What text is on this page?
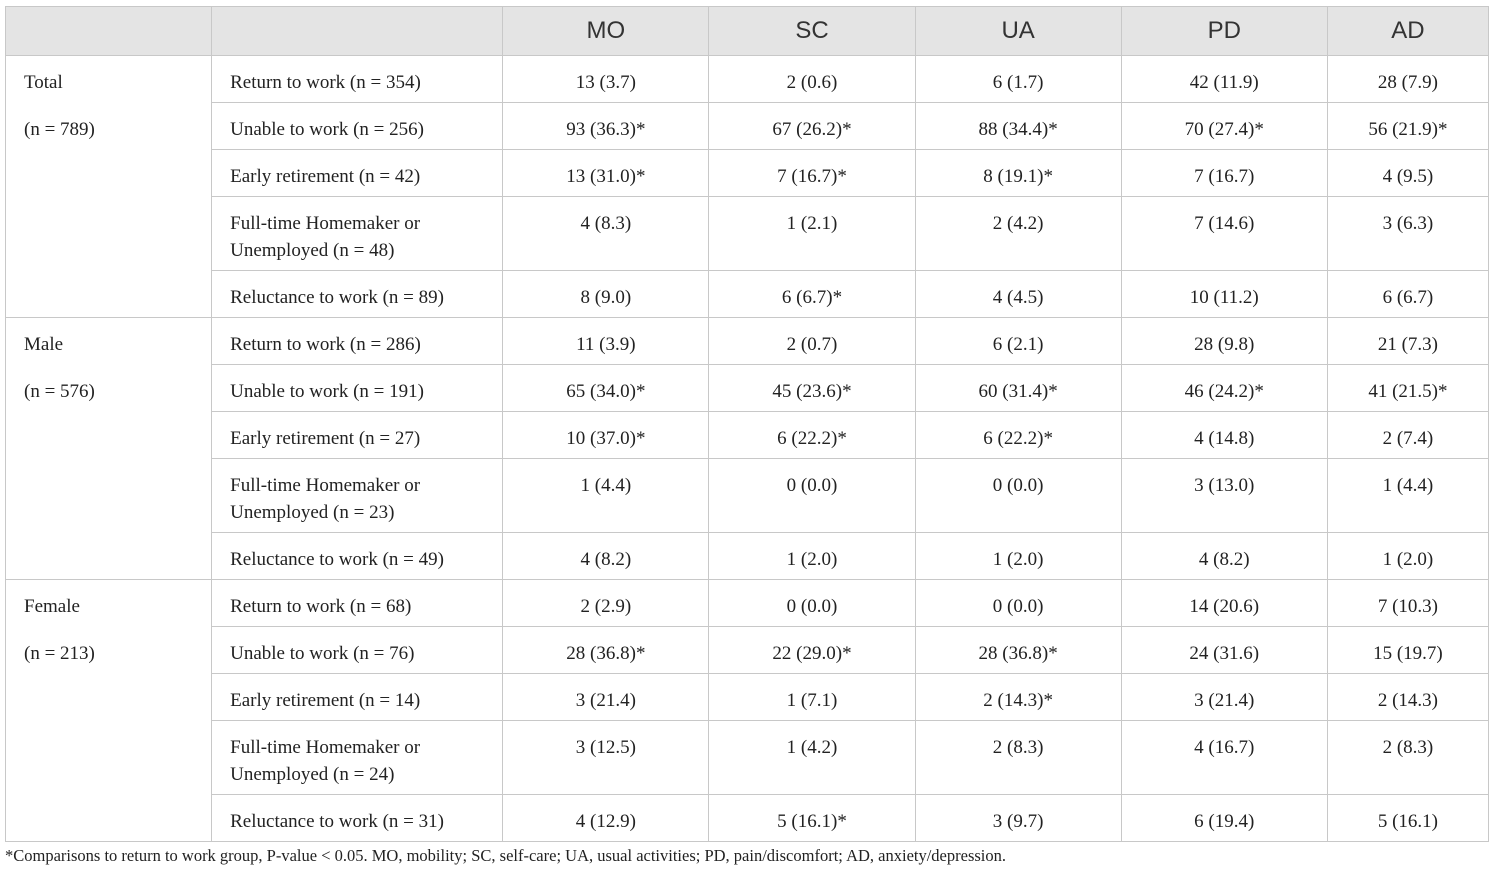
		MO	SC	UA	PD	AD
Total	Return to work (n = 354)	13 (3.7)	2 (0.6)	6 (1.7)	42 (11.9)	28 (7.9)
(n = 789)	Unable to work (n = 256)	93 (36.3)*	67 (26.2)*	88 (34.4)*	70 (27.4)*	56 (21.9)*
	Early retirement (n = 42)	13 (31.0)*	7 (16.7)*	8 (19.1)*	7 (16.7)	4 (9.5)
	Full-time Homemaker or
Unemployed (n = 48)	4 (8.3)	1 (2.1)	2 (4.2)	7 (14.6)	3 (6.3)
	Reluctance to work (n = 89)	8 (9.0)	6 (6.7)*	4 (4.5)	10 (11.2)	6 (6.7)
Male	Return to work (n = 286)	11 (3.9)	2 (0.7)	6 (2.1)	28 (9.8)	21 (7.3)
(n = 576)	Unable to work (n = 191)	65 (34.0)*	45 (23.6)*	60 (31.4)*	46 (24.2)*	41 (21.5)*
	Early retirement (n = 27)	10 (37.0)*	6 (22.2)*	6 (22.2)*	4 (14.8)	2 (7.4)
	Full-time Homemaker or
Unemployed (n = 23)	1 (4.4)	0 (0.0)	0 (0.0)	3 (13.0)	1 (4.4)
	Reluctance to work (n = 49)	4 (8.2)	1 (2.0)	1 (2.0)	4 (8.2)	1 (2.0)
Female	Return to work (n = 68)	2 (2.9)	0 (0.0)	0 (0.0)	14 (20.6)	7 (10.3)
(n = 213)	Unable to work (n = 76)	28 (36.8)*	22 (29.0)*	28 (36.8)*	24 (31.6)	15 (19.7)
	Early retirement (n = 14)	3 (21.4)	1 (7.1)	2 (14.3)*	3 (21.4)	2 (14.3)
	Full-time Homemaker or
Unemployed (n = 24)	3 (12.5)	1 (4.2)	2 (8.3)	4 (16.7)	2 (8.3)
	Reluctance to work (n = 31)	4 (12.9)	5 (16.1)*	3 (9.7)	6 (19.4)	5 (16.1)
*Comparisons to return to work group, P-value < 0.05. MO, mobility; SC, self-care; UA, usual activities; PD, pain/discomfort; AD, anxiety/depression.
